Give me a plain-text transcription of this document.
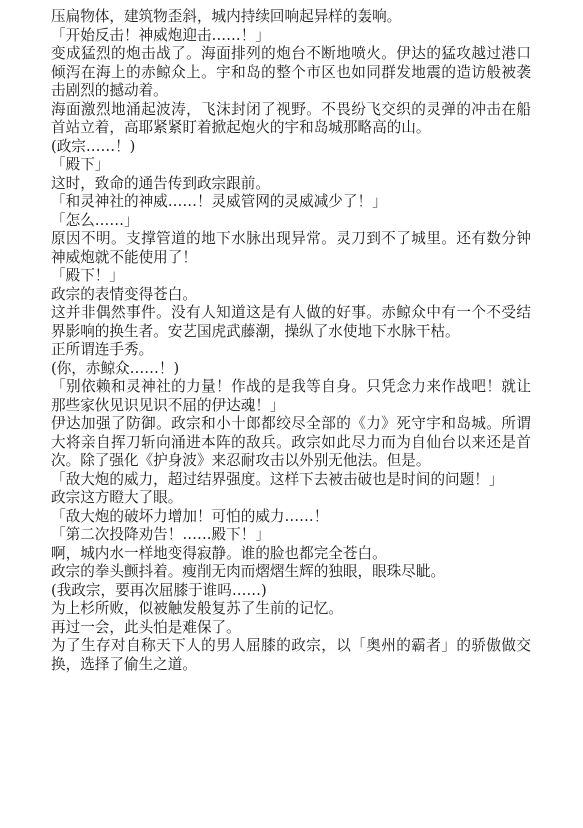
压扁物体，建筑物歪斜，城内持续回响起异样的轰响。

「开始反击！神威炮迎击……！」

变成猛烈的炮击战了。海面排列的炮台不断地喷火。伊达的猛攻越过港口倾泻在海上的赤鲸众上。宇和岛的整个市区也如同群发地震的造访般被袭击剧烈的撼动着。

海面激烈地涌起波涛，飞沫封闭了视野。不畏纷飞交织的灵弹的冲击在船首站立着，高耶紧紧盯着掀起炮火的宇和岛城那略高的山。

(政宗……！)

「殿下」

这时，致命的通告传到政宗跟前。

「和灵神社的神威……！灵威管网的灵威减少了！」

「怎么……」

原因不明。支撑管道的地下水脉出现异常。灵刀到不了城里。还有数分钟神威炮就不能使用了！

「殿下！」

政宗的表情变得苍白。

这并非偶然事件。没有人知道这是有人做的好事。赤鲸众中有一个不受结界影响的换生者。安艺国虎武藤潮，操纵了水使地下水脉干枯。

正所谓连手秀。

(你，赤鲸众……！)

「别依赖和灵神社的力量！作战的是我等自身。只凭念力来作战吧！就让那些家伙见识见识不屈的伊达魂！」

伊达加强了防御。政宗和小十郎都绞尽全部的《力》死守宇和岛城。所谓大将亲自挥刀斩向涌进本阵的敌兵。政宗如此尽力而为自仙台以来还是首次。除了强化《护身波》来忍耐攻击以外别无他法。但是。

「敌大炮的威力，超过结界强度。这样下去被击破也是时间的问题！」

政宗这方瞪大了眼。

「敌大炮的破坏力增加！可怕的威力……！

「第二次投降劝告！……殿下！」

啊，城内水一样地变得寂静。谁的脸也都完全苍白。

政宗的拳头颤抖着。瘦削无肉而熠熠生辉的独眼，眼珠尽眦。

(我政宗，要再次屈膝于谁吗……)

为上杉所败，似被触发般复苏了生前的记忆。

再过一会，此头怕是难保了。

为了生存对自称天下人的男人屈膝的政宗，以「奥州的霸者」的骄傲做交换，选择了偷生之道。
